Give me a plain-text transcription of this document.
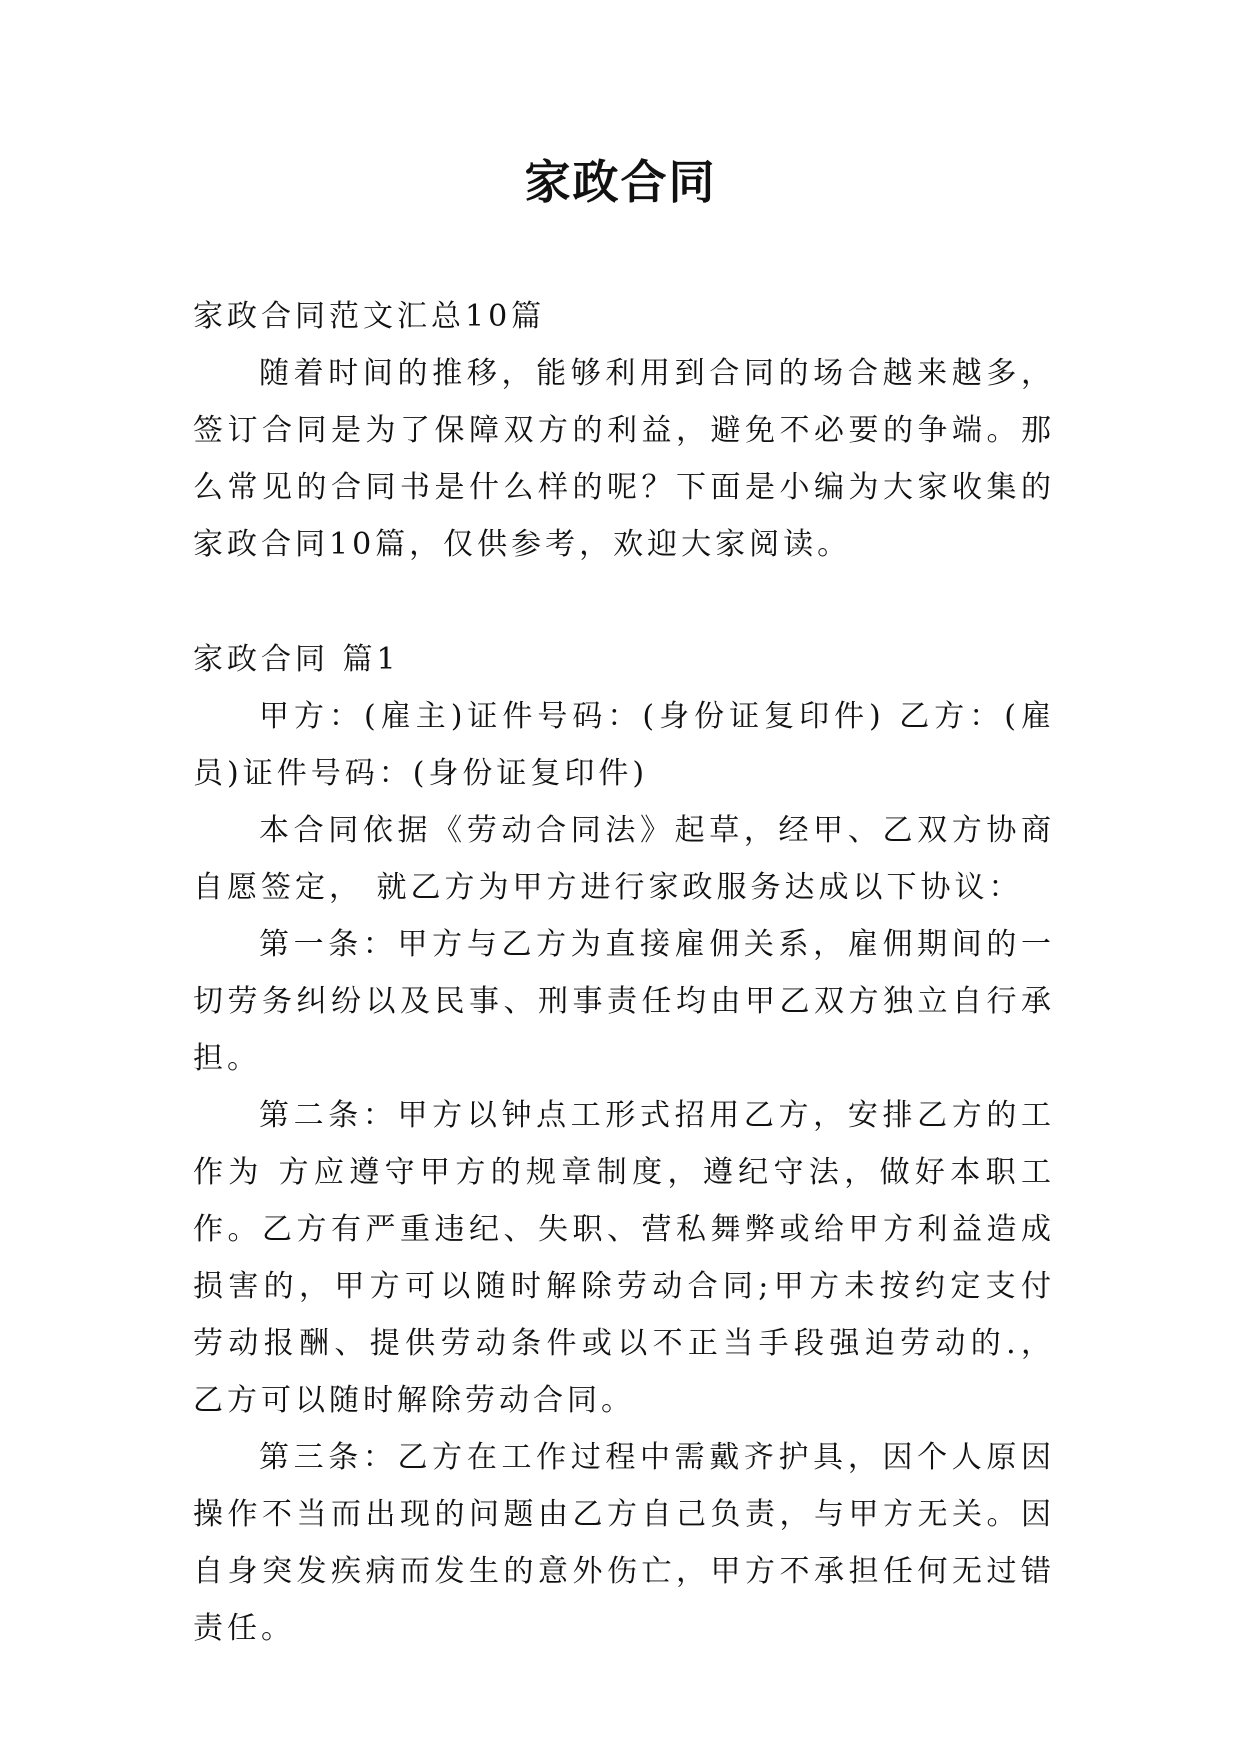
家政合同

家政合同范文汇总10篇

随着时间的推移，能够利用到合同的场合越来越多，签订合同是为了保障双方的利益，避免不必要的争端。那么常见的合同书是什么样的呢？下面是小编为大家收集的家政合同10篇，仅供参考，欢迎大家阅读。

家政合同 篇1

甲方：(雇主)证件号码：(身份证复印件) 乙方：(雇员)证件号码：(身份证复印件)

本合同依据《劳动合同法》起草，经甲、乙双方协商自愿签定， 就乙方为甲方进行家政服务达成以下协议：

第一条：甲方与乙方为直接雇佣关系，雇佣期间的一切劳务纠纷以及民事、刑事责任均由甲乙双方独立自行承担。

第二条：甲方以钟点工形式招用乙方，安排乙方的工作为 方应遵守甲方的规章制度，遵纪守法，做好本职工作。乙方有严重违纪、失职、营私舞弊或给甲方利益造成损害的，甲方可以随时解除劳动合同;甲方未按约定支付劳动报酬、提供劳动条件或以不正当手段强迫劳动的.，乙方可以随时解除劳动合同。

第三条：乙方在工作过程中需戴齐护具，因个人原因操作不当而出现的问题由乙方自己负责，与甲方无关。因自身突发疾病而发生的意外伤亡，甲方不承担任何无过错责任。
